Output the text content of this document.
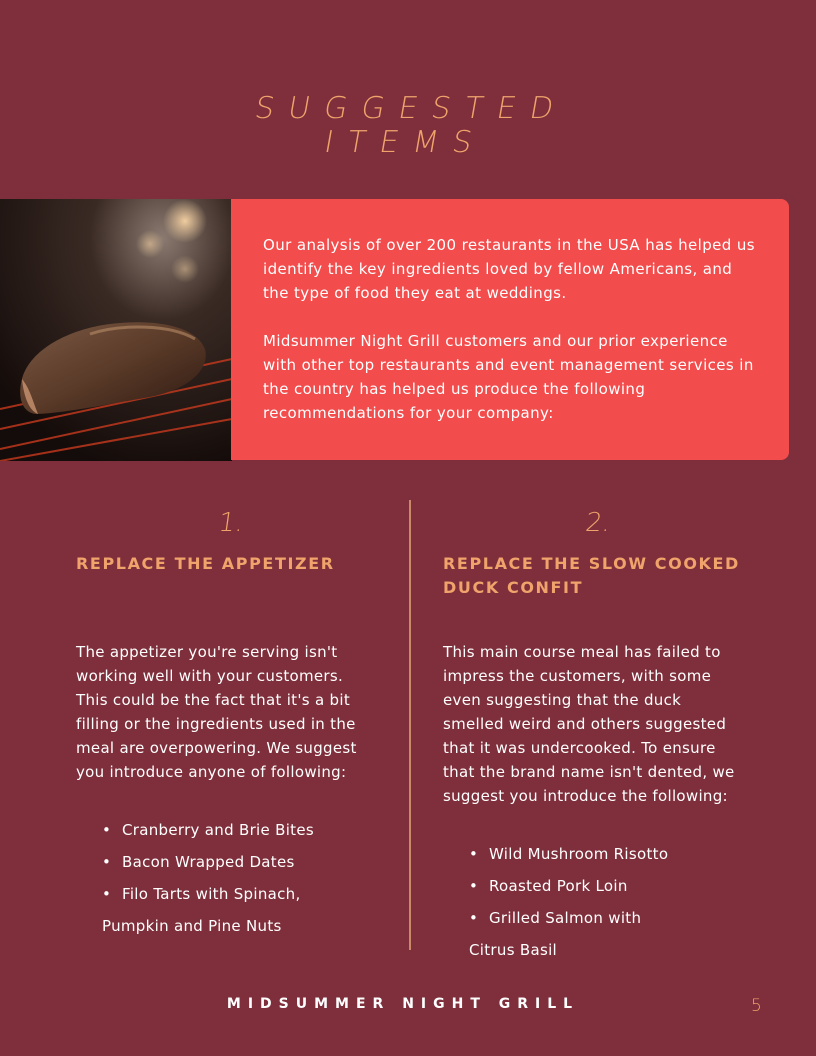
SUGGESTED
ITEMS

Our analysis of over 200 restaurants in the USA has helped us identify the key ingredients loved by fellow Americans, and the type of food they eat at weddings.

Midsummer Night Grill customers and our prior experience with other top restaurants and event management services in the country has helped us produce the following recommendations for your company:

1.
REPLACE THE APPETIZER
The appetizer you're serving isn't working well with your customers. This could be the fact that it's a bit filling or the ingredients used in the meal are overpowering. We suggest you introduce anyone of following:
• Cranberry and Brie Bites
• Bacon Wrapped Dates
• Filo Tarts with Spinach,
Pumpkin and Pine Nuts
2.
REPLACE THE SLOW COOKED DUCK CONFIT
This main course meal has failed to impress the customers, with some even suggesting that the duck smelled weird and others suggested that it was undercooked. To ensure that the brand name isn't dented, we suggest you introduce the following:
• Wild Mushroom Risotto
• Roasted Pork Loin
• Grilled Salmon with
Citrus Basil
MIDSUMMER NIGHT GRILL	5
